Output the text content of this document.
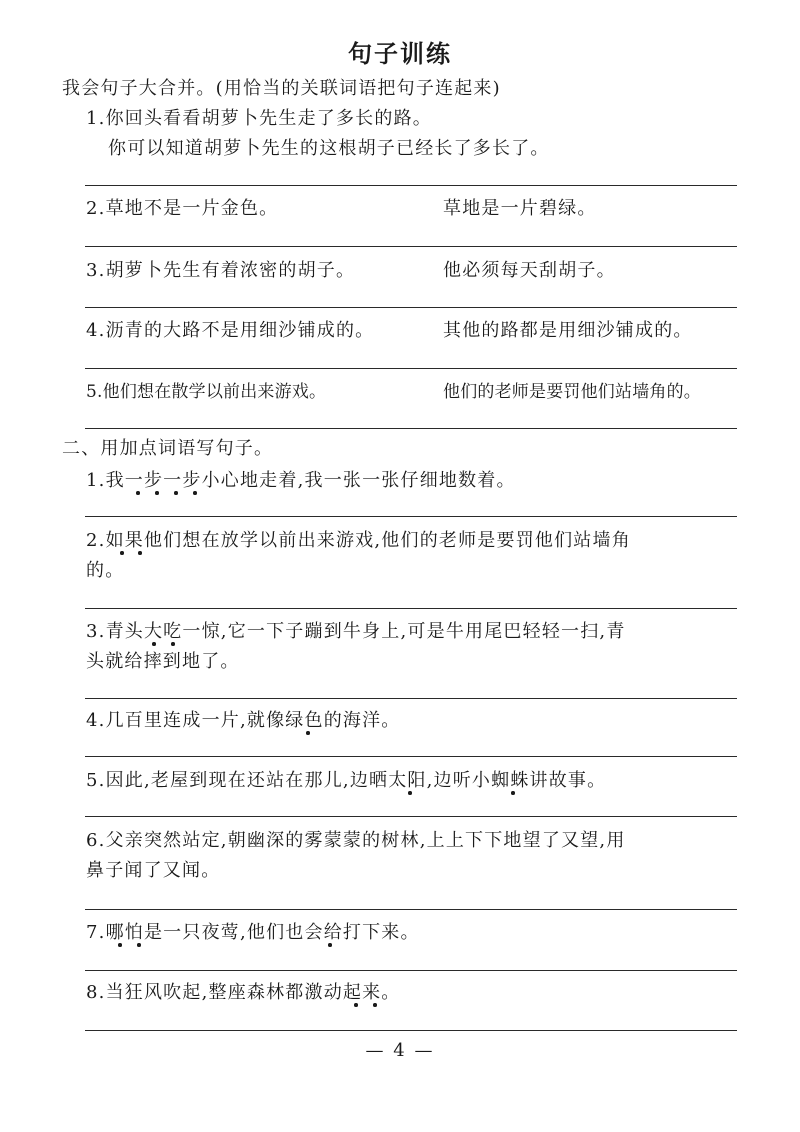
句子训练
我会句子大合并。(用恰当的关联词语把句子连起来)
1.你回头看看胡萝卜先生走了多长的路。
你可以知道胡萝卜先生的这根胡子已经长了多长了。
2.草地不是一片金色。	草地是一片碧绿。
3.胡萝卜先生有着浓密的胡子。	他必须每天刮胡子。
4.沥青的大路不是用细沙铺成的。	其他的路都是用细沙铺成的。
5.他们想在散学以前出来游戏。	他们的老师是要罚他们站墙角的。
二、用加点词语写句子。
1.我一步一步小心地走着,我一张一张仔细地数着。
2.如果他们想在放学以前出来游戏,他们的老师是要罚他们站墙角
的。
3.青头大吃一惊,它一下子蹦到牛身上,可是牛用尾巴轻轻一扫,青
头就给摔到地了。
4.几百里连成一片,就像绿色的海洋。
5.因此,老屋到现在还站在那儿,边晒太阳,边听小蜘蛛讲故事。
6.父亲突然站定,朝幽深的雾蒙蒙的树林,上上下下地望了又望,用
鼻子闻了又闻。
7.哪怕是一只夜莺,他们也会给打下来。
8.当狂风吹起,整座森林都激动起来。
— 4 —
